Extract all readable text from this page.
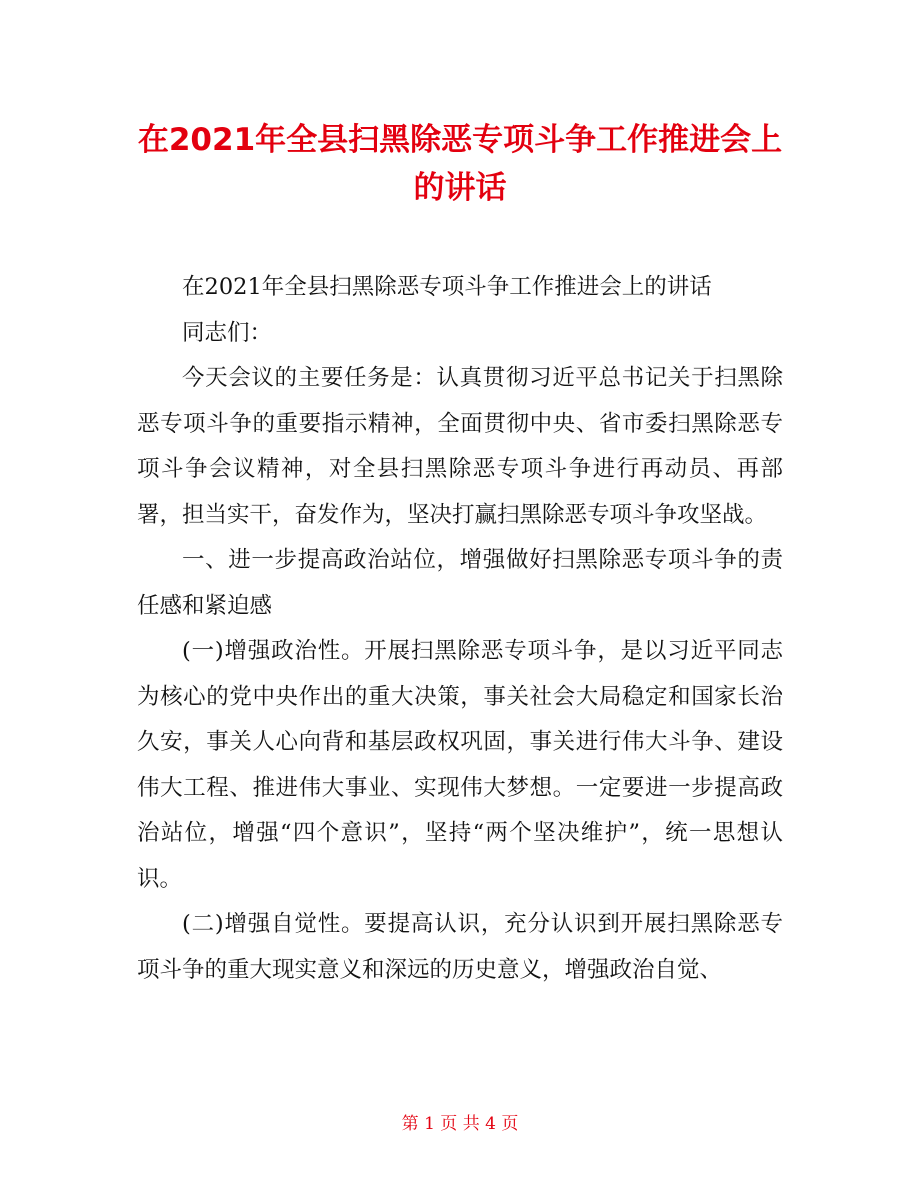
在2021年全县扫黑除恶专项斗争工作推进会上的讲话

在2021年全县扫黑除恶专项斗争工作推进会上的讲话

同志们：

今天会议的主要任务是：认真贯彻习近平总书记关于扫黑除恶专项斗争的重要指示精神，全面贯彻中央、省市委扫黑除恶专项斗争会议精神，对全县扫黑除恶专项斗争进行再动员、再部署，担当实干，奋发作为，坚决打赢扫黑除恶专项斗争攻坚战。

一、进一步提高政治站位，增强做好扫黑除恶专项斗争的责任感和紧迫感

(一)增强政治性。开展扫黑除恶专项斗争，是以习近平同志为核心的党中央作出的重大决策，事关社会大局稳定和国家长治久安，事关人心向背和基层政权巩固，事关进行伟大斗争、建设伟大工程、推进伟大事业、实现伟大梦想。一定要进一步提高政治站位，增强“四个意识”，坚持“两个坚决维护”，统一思想认识。

(二)增强自觉性。要提高认识，充分认识到开展扫黑除恶专项斗争的重大现实意义和深远的历史意义，增强政治自觉、

第 1 页 共 4 页
